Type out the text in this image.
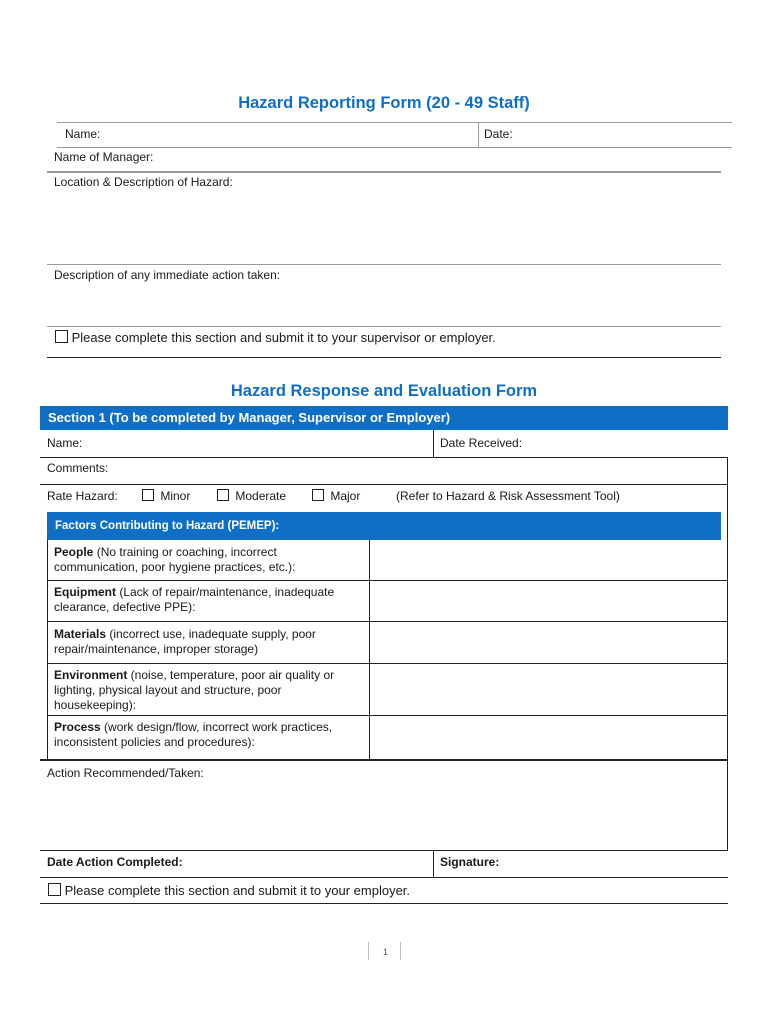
Hazard Reporting Form (20 - 49 Staff)
Name:	Date:
Name of Manager:
Location & Description of Hazard:
Description of any immediate action taken:
Please complete this section and submit it to your supervisor or employer.
Hazard Response and Evaluation Form
Section 1 (To be completed by Manager, Supervisor or Employer)
Name:	Date Received:
Comments:
Rate Hazard:	Minor	Moderate	Major	(Refer to Hazard & Risk Assessment Tool)
Factors Contributing to Hazard (PEMEP):
People (No training or coaching, incorrect communication, poor hygiene practices, etc.):
Equipment (Lack of repair/maintenance, inadequate clearance, defective PPE):
Materials (incorrect use, inadequate supply, poor repair/maintenance, improper storage)
Environment (noise, temperature, poor air quality or lighting, physical layout and structure, poor housekeeping):
Process (work design/flow, incorrect work practices, inconsistent policies and procedures):
Action Recommended/Taken:
Date Action Completed:	Signature:
Please complete this section and submit it to your employer.
1
